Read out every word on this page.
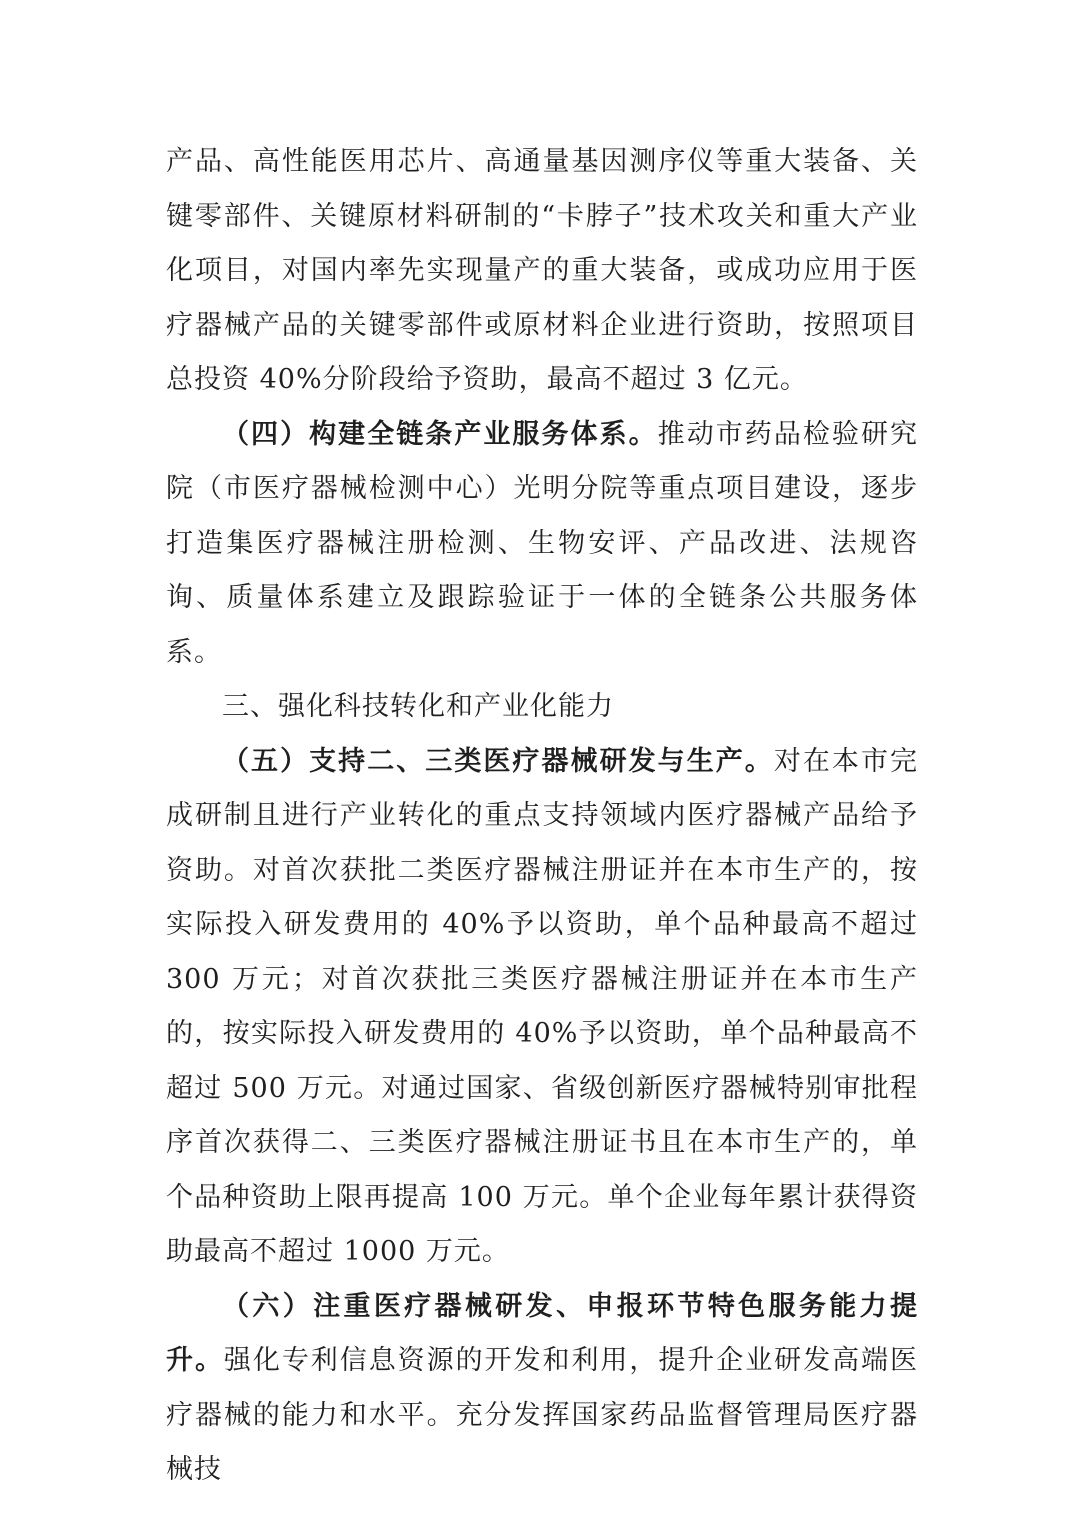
产品、高性能医用芯片、高通量基因测序仪等重大装备、关键零部件、关键原材料研制的“卡脖子”技术攻关和重大产业化项目，对国内率先实现量产的重大装备，或成功应用于医疗器械产品的关键零部件或原材料企业进行资助，按照项目总投资 40%分阶段给予资助，最高不超过 3 亿元。

（四）构建全链条产业服务体系。推动市药品检验研究院（市医疗器械检测中心）光明分院等重点项目建设，逐步打造集医疗器械注册检测、生物安评、产品改进、法规咨询、质量体系建立及跟踪验证于一体的全链条公共服务体系。

三、强化科技转化和产业化能力

（五）支持二、三类医疗器械研发与生产。对在本市完成研制且进行产业转化的重点支持领域内医疗器械产品给予资助。对首次获批二类医疗器械注册证并在本市生产的，按实际投入研发费用的 40%予以资助，单个品种最高不超过 300 万元；对首次获批三类医疗器械注册证并在本市生产的，按实际投入研发费用的 40%予以资助，单个品种最高不超过 500 万元。对通过国家、省级创新医疗器械特别审批程序首次获得二、三类医疗器械注册证书且在本市生产的，单个品种资助上限再提高 100 万元。单个企业每年累计获得资助最高不超过 1000 万元。

（六）注重医疗器械研发、申报环节特色服务能力提升。强化专利信息资源的开发和利用，提升企业研发高端医疗器械的能力和水平。充分发挥国家药品监督管理局医疗器械技
